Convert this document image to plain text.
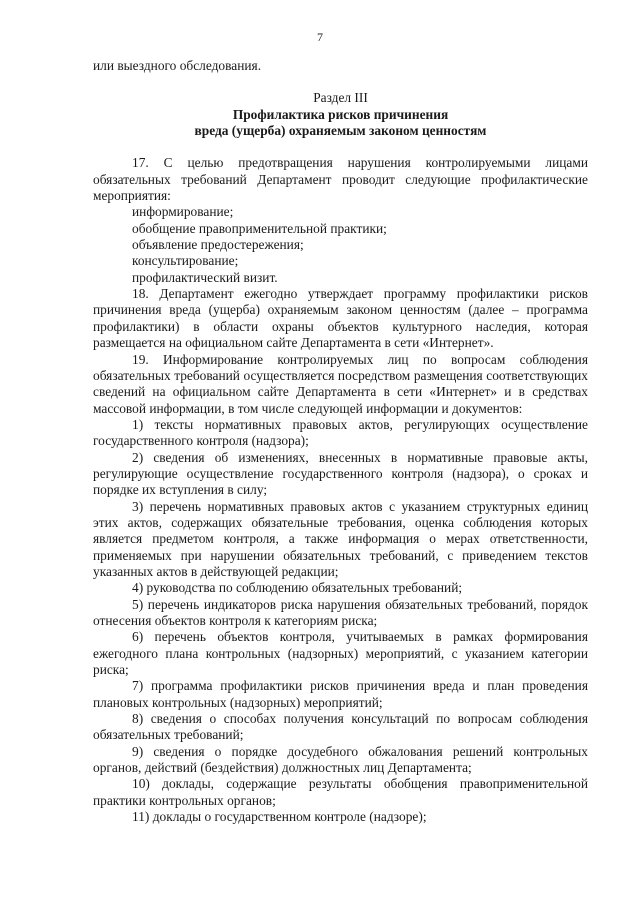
7

или выездного обследования.

Раздел III

Профилактика рисков причинения

вреда (ущерба) охраняемым законом ценностям

17. С целью предотвращения нарушения контролируемыми лицами обязательных требований Департамент проводит следующие профилактические мероприятия:

информирование;

обобщение правоприменительной практики;

объявление предостережения;

консультирование;

профилактический визит.

18. Департамент ежегодно утверждает программу профилактики рисков причинения вреда (ущерба) охраняемым законом ценностям (далее – программа профилактики) в области охраны объектов культурного наследия, которая размещается на официальном сайте Департамента в сети «Интернет».

19. Информирование контролируемых лиц по вопросам соблюдения обязательных требований осуществляется посредством размещения соответствующих сведений на официальном сайте Департамента в сети «Интернет» и в средствах массовой информации, в том числе следующей информации и документов:

1) тексты нормативных правовых актов, регулирующих осуществление государственного контроля (надзора);

2) сведения об изменениях, внесенных в нормативные правовые акты, регулирующие осуществление государственного контроля (надзора), о сроках и порядке их вступления в силу;

3) перечень нормативных правовых актов с указанием структурных единиц этих актов, содержащих обязательные требования, оценка соблюдения которых является предметом контроля, а также информация о мерах ответственности, применяемых при нарушении обязательных требований, с приведением текстов указанных актов в действующей редакции;

4) руководства по соблюдению обязательных требований;

5) перечень индикаторов риска нарушения обязательных требований, порядок отнесения объектов контроля к категориям риска;

6) перечень объектов контроля, учитываемых в рамках формирования ежегодного плана контрольных (надзорных) мероприятий, с указанием категории риска;

7) программа профилактики рисков причинения вреда и план проведения плановых контрольных (надзорных) мероприятий;

8) сведения о способах получения консультаций по вопросам соблюдения обязательных требований;

9) сведения о порядке досудебного обжалования решений контрольных органов, действий (бездействия) должностных лиц Департамента;

10) доклады, содержащие результаты обобщения правоприменительной практики контрольных органов;

11) доклады о государственном контроле (надзоре);
